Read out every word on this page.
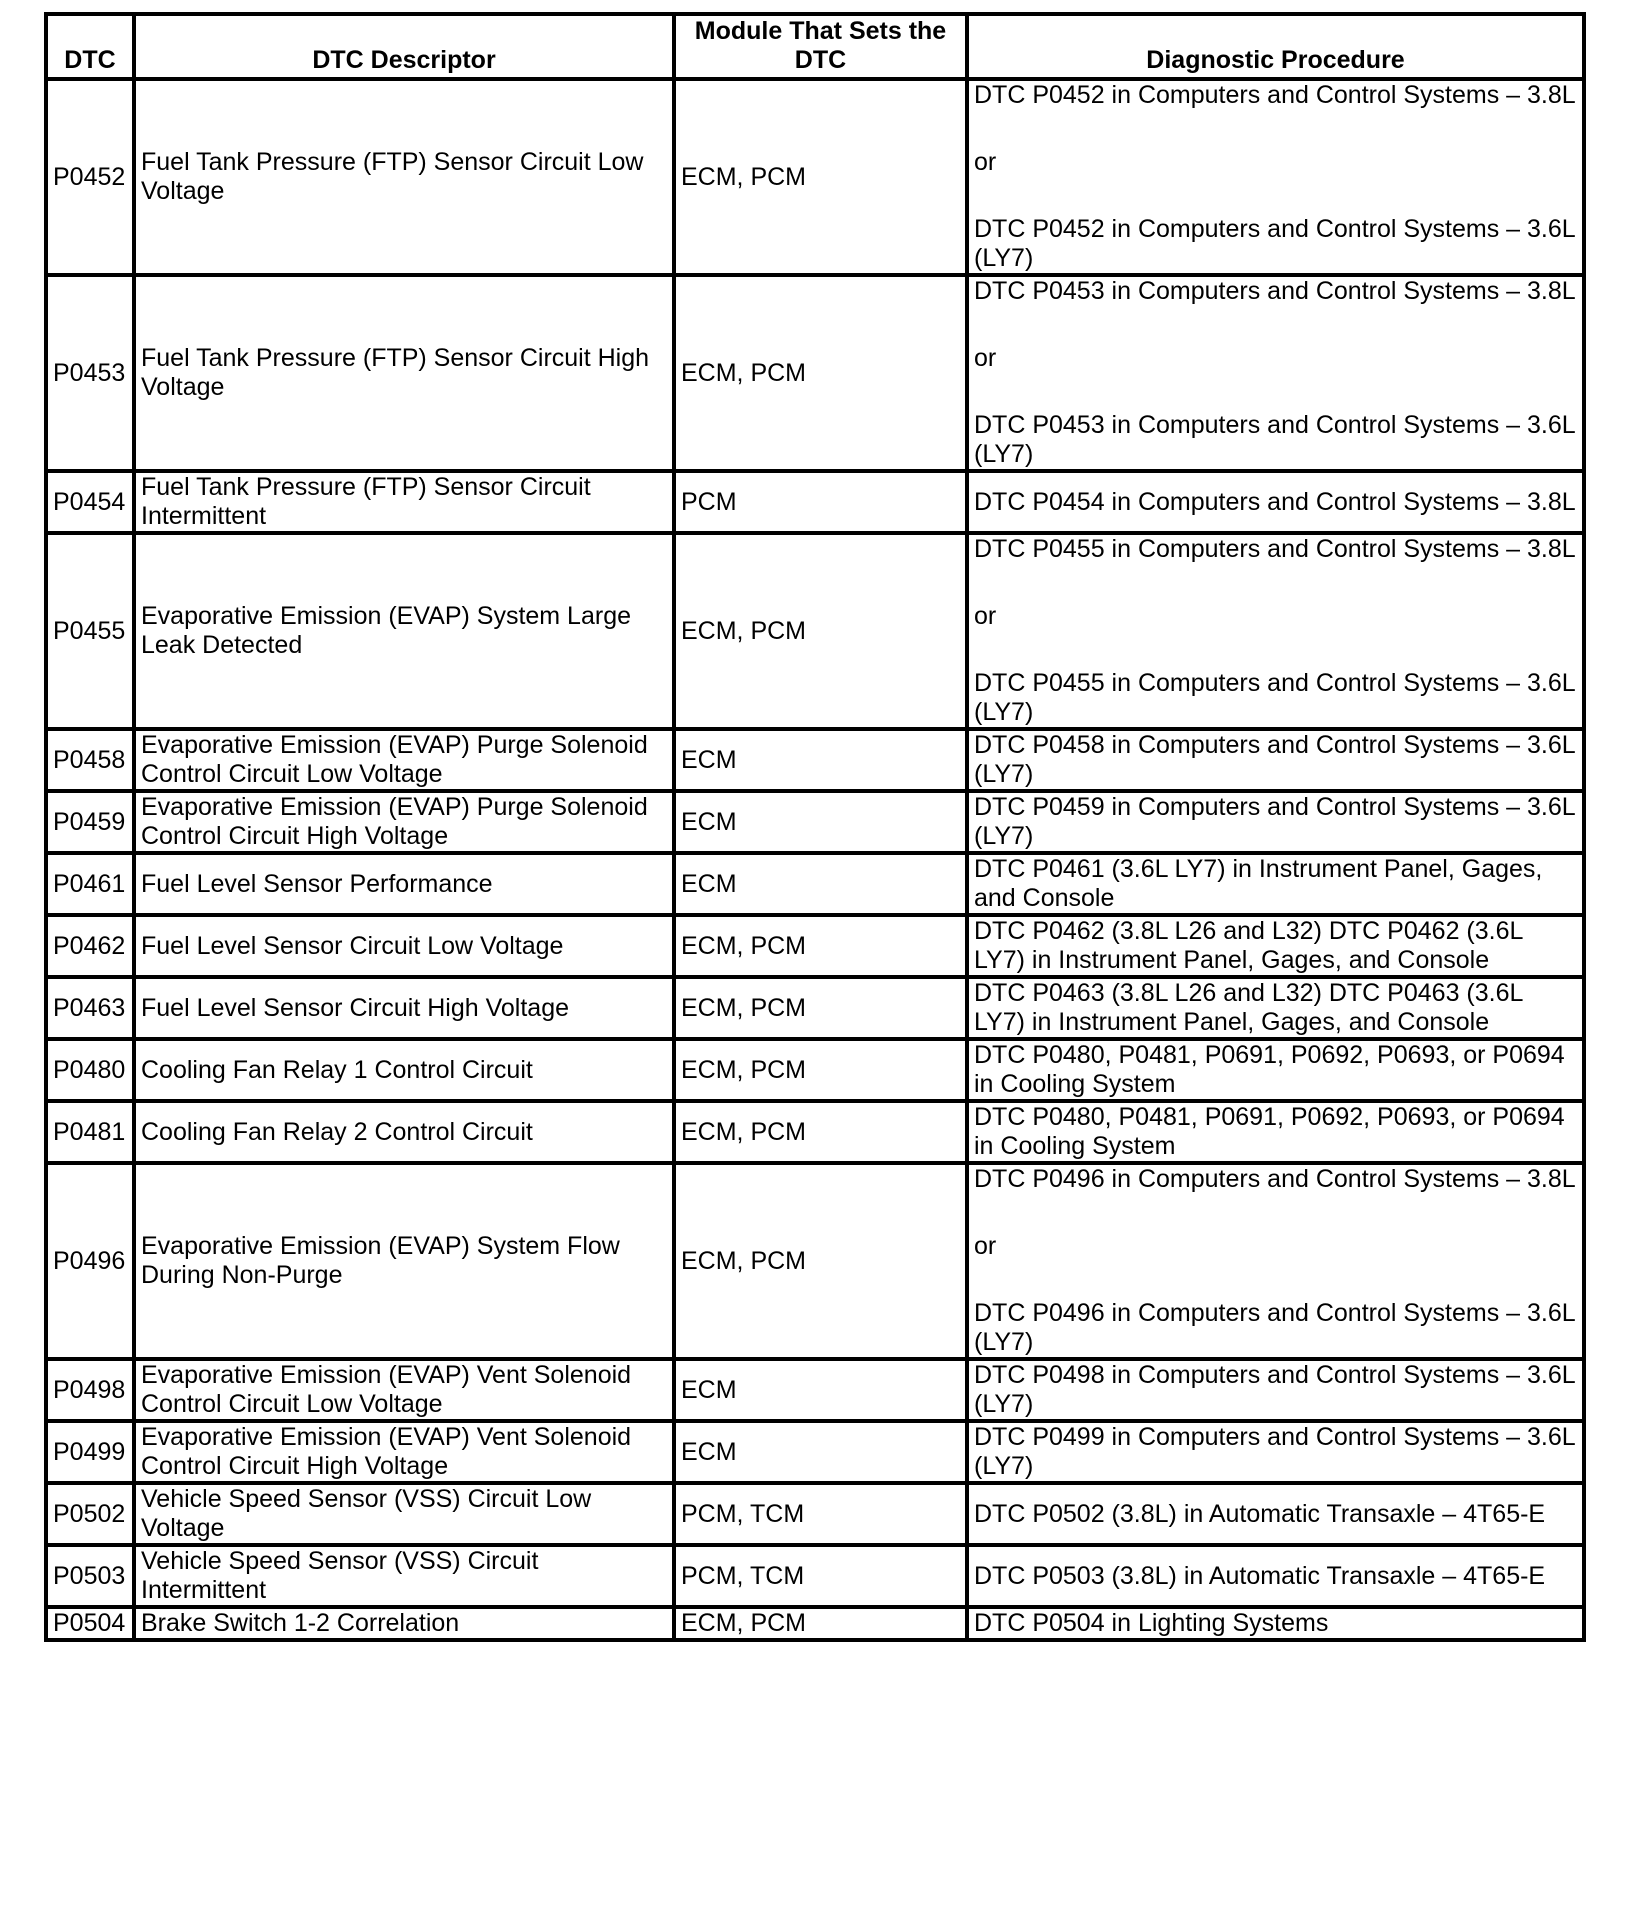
DTC	DTC Descriptor	Module That Sets the DTC	Diagnostic Procedure
P0452	Fuel Tank Pressure (FTP) Sensor Circuit Low Voltage	ECM, PCM	DTC P0452 in Computers and Control Systems – 3.8L
or
DTC P0452 in Computers and Control Systems – 3.6L (LY7)

P0453	Fuel Tank Pressure (FTP) Sensor Circuit High Voltage	ECM, PCM	DTC P0453 in Computers and Control Systems – 3.8L
or
DTC P0453 in Computers and Control Systems – 3.6L (LY7)

P0454	Fuel Tank Pressure (FTP) Sensor Circuit Intermittent	PCM	DTC P0454 in Computers and Control Systems – 3.8L

P0455	Evaporative Emission (EVAP) System Large Leak Detected	ECM, PCM	DTC P0455 in Computers and Control Systems – 3.8L
or
DTC P0455 in Computers and Control Systems – 3.6L (LY7)

P0458	Evaporative Emission (EVAP) Purge Solenoid Control Circuit Low Voltage	ECM	DTC P0458 in Computers and Control Systems – 3.6L (LY7)

P0459	Evaporative Emission (EVAP) Purge Solenoid Control Circuit High Voltage	ECM	DTC P0459 in Computers and Control Systems – 3.6L (LY7)

P0461	Fuel Level Sensor Performance	ECM	DTC P0461 (3.6L LY7) in Instrument Panel, Gages, and Console

P0462	Fuel Level Sensor Circuit Low Voltage	ECM, PCM	DTC P0462 (3.8L L26 and L32) DTC P0462 (3.6L LY7) in Instrument Panel, Gages, and Console

P0463	Fuel Level Sensor Circuit High Voltage	ECM, PCM	DTC P0463 (3.8L L26 and L32) DTC P0463 (3.6L LY7) in Instrument Panel, Gages, and Console

P0480	Cooling Fan Relay 1 Control Circuit	ECM, PCM	DTC P0480, P0481, P0691, P0692, P0693, or P0694 in Cooling System

P0481	Cooling Fan Relay 2 Control Circuit	ECM, PCM	DTC P0480, P0481, P0691, P0692, P0693, or P0694 in Cooling System

P0496	Evaporative Emission (EVAP) System Flow During Non-Purge	ECM, PCM	DTC P0496 in Computers and Control Systems – 3.8L
or
DTC P0496 in Computers and Control Systems – 3.6L (LY7)

P0498	Evaporative Emission (EVAP) Vent Solenoid Control Circuit Low Voltage	ECM	DTC P0498 in Computers and Control Systems – 3.6L (LY7)

P0499	Evaporative Emission (EVAP) Vent Solenoid Control Circuit High Voltage	ECM	DTC P0499 in Computers and Control Systems – 3.6L (LY7)

P0502	Vehicle Speed Sensor (VSS) Circuit Low Voltage	PCM, TCM	DTC P0502 (3.8L) in Automatic Transaxle – 4T65-E

P0503	Vehicle Speed Sensor (VSS) Circuit Intermittent	PCM, TCM	DTC P0503 (3.8L) in Automatic Transaxle – 4T65-E

P0504	Brake Switch 1-2 Correlation	ECM, PCM	DTC P0504 in Lighting Systems
